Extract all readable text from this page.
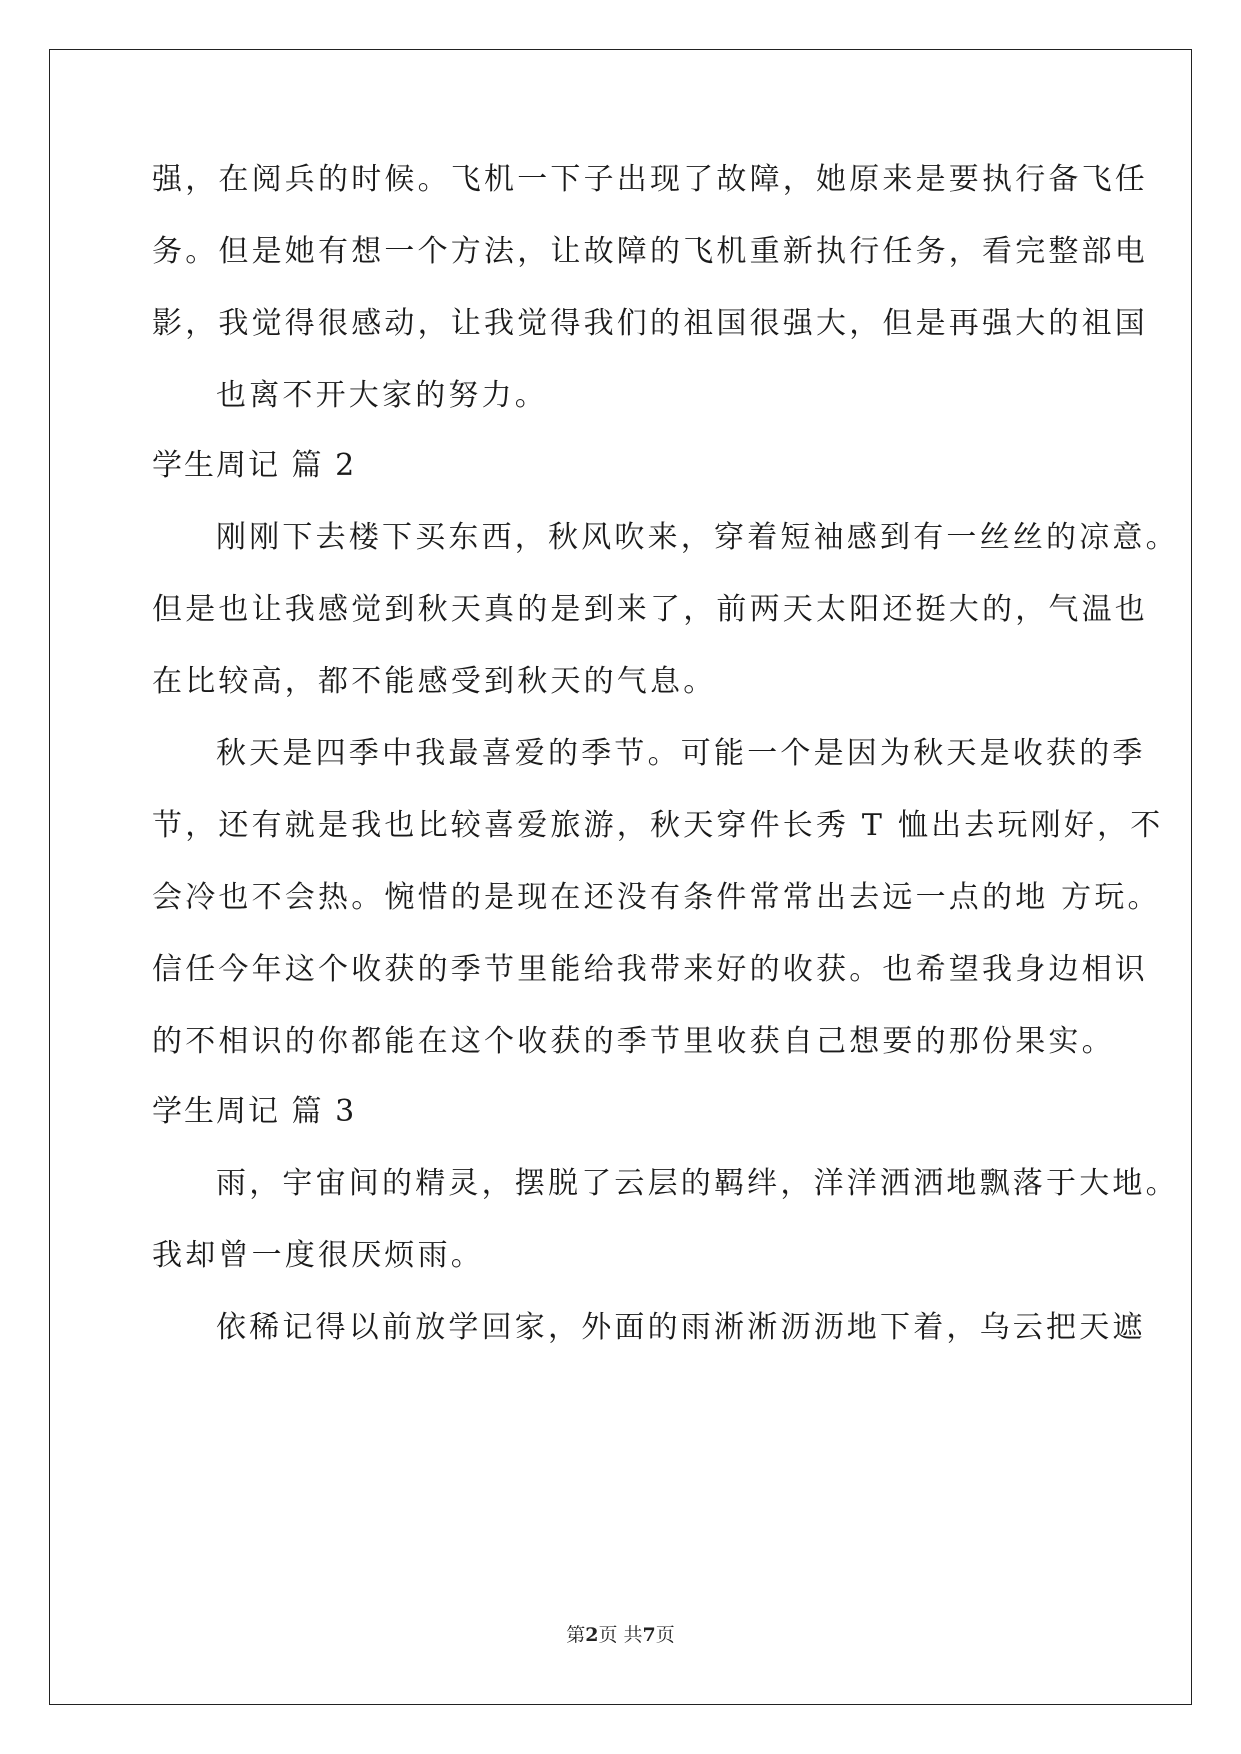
强，在阅兵的时候。飞机一下子出现了故障，她原来是要执行备飞任
务。但是她有想一个方法，让故障的飞机重新执行任务，看完整部电
影，我觉得很感动，让我觉得我们的祖国很强大，但是再强大的祖国
也离不开大家的努力。
学生周记 篇 2
刚刚下去楼下买东西，秋风吹来，穿着短袖感到有一丝丝的凉意。
但是也让我感觉到秋天真的是到来了，前两天太阳还挺大的，气温也
在比较高，都不能感受到秋天的气息。
秋天是四季中我最喜爱的季节。可能一个是因为秋天是收获的季
节，还有就是我也比较喜爱旅游，秋天穿件长秀 T 恤出去玩刚好，不
会冷也不会热。惋惜的是现在还没有条件常常出去远一点的地 方玩。
信任今年这个收获的季节里能给我带来好的收获。也希望我身边相识
的不相识的你都能在这个收获的季节里收获自己想要的那份果实。
学生周记 篇 3
雨，宇宙间的精灵，摆脱了云层的羁绊，洋洋洒洒地飘落于大地。
我却曾一度很厌烦雨。
依稀记得以前放学回家，外面的雨淅淅沥沥地下着，乌云把天遮
第2页 共7页
